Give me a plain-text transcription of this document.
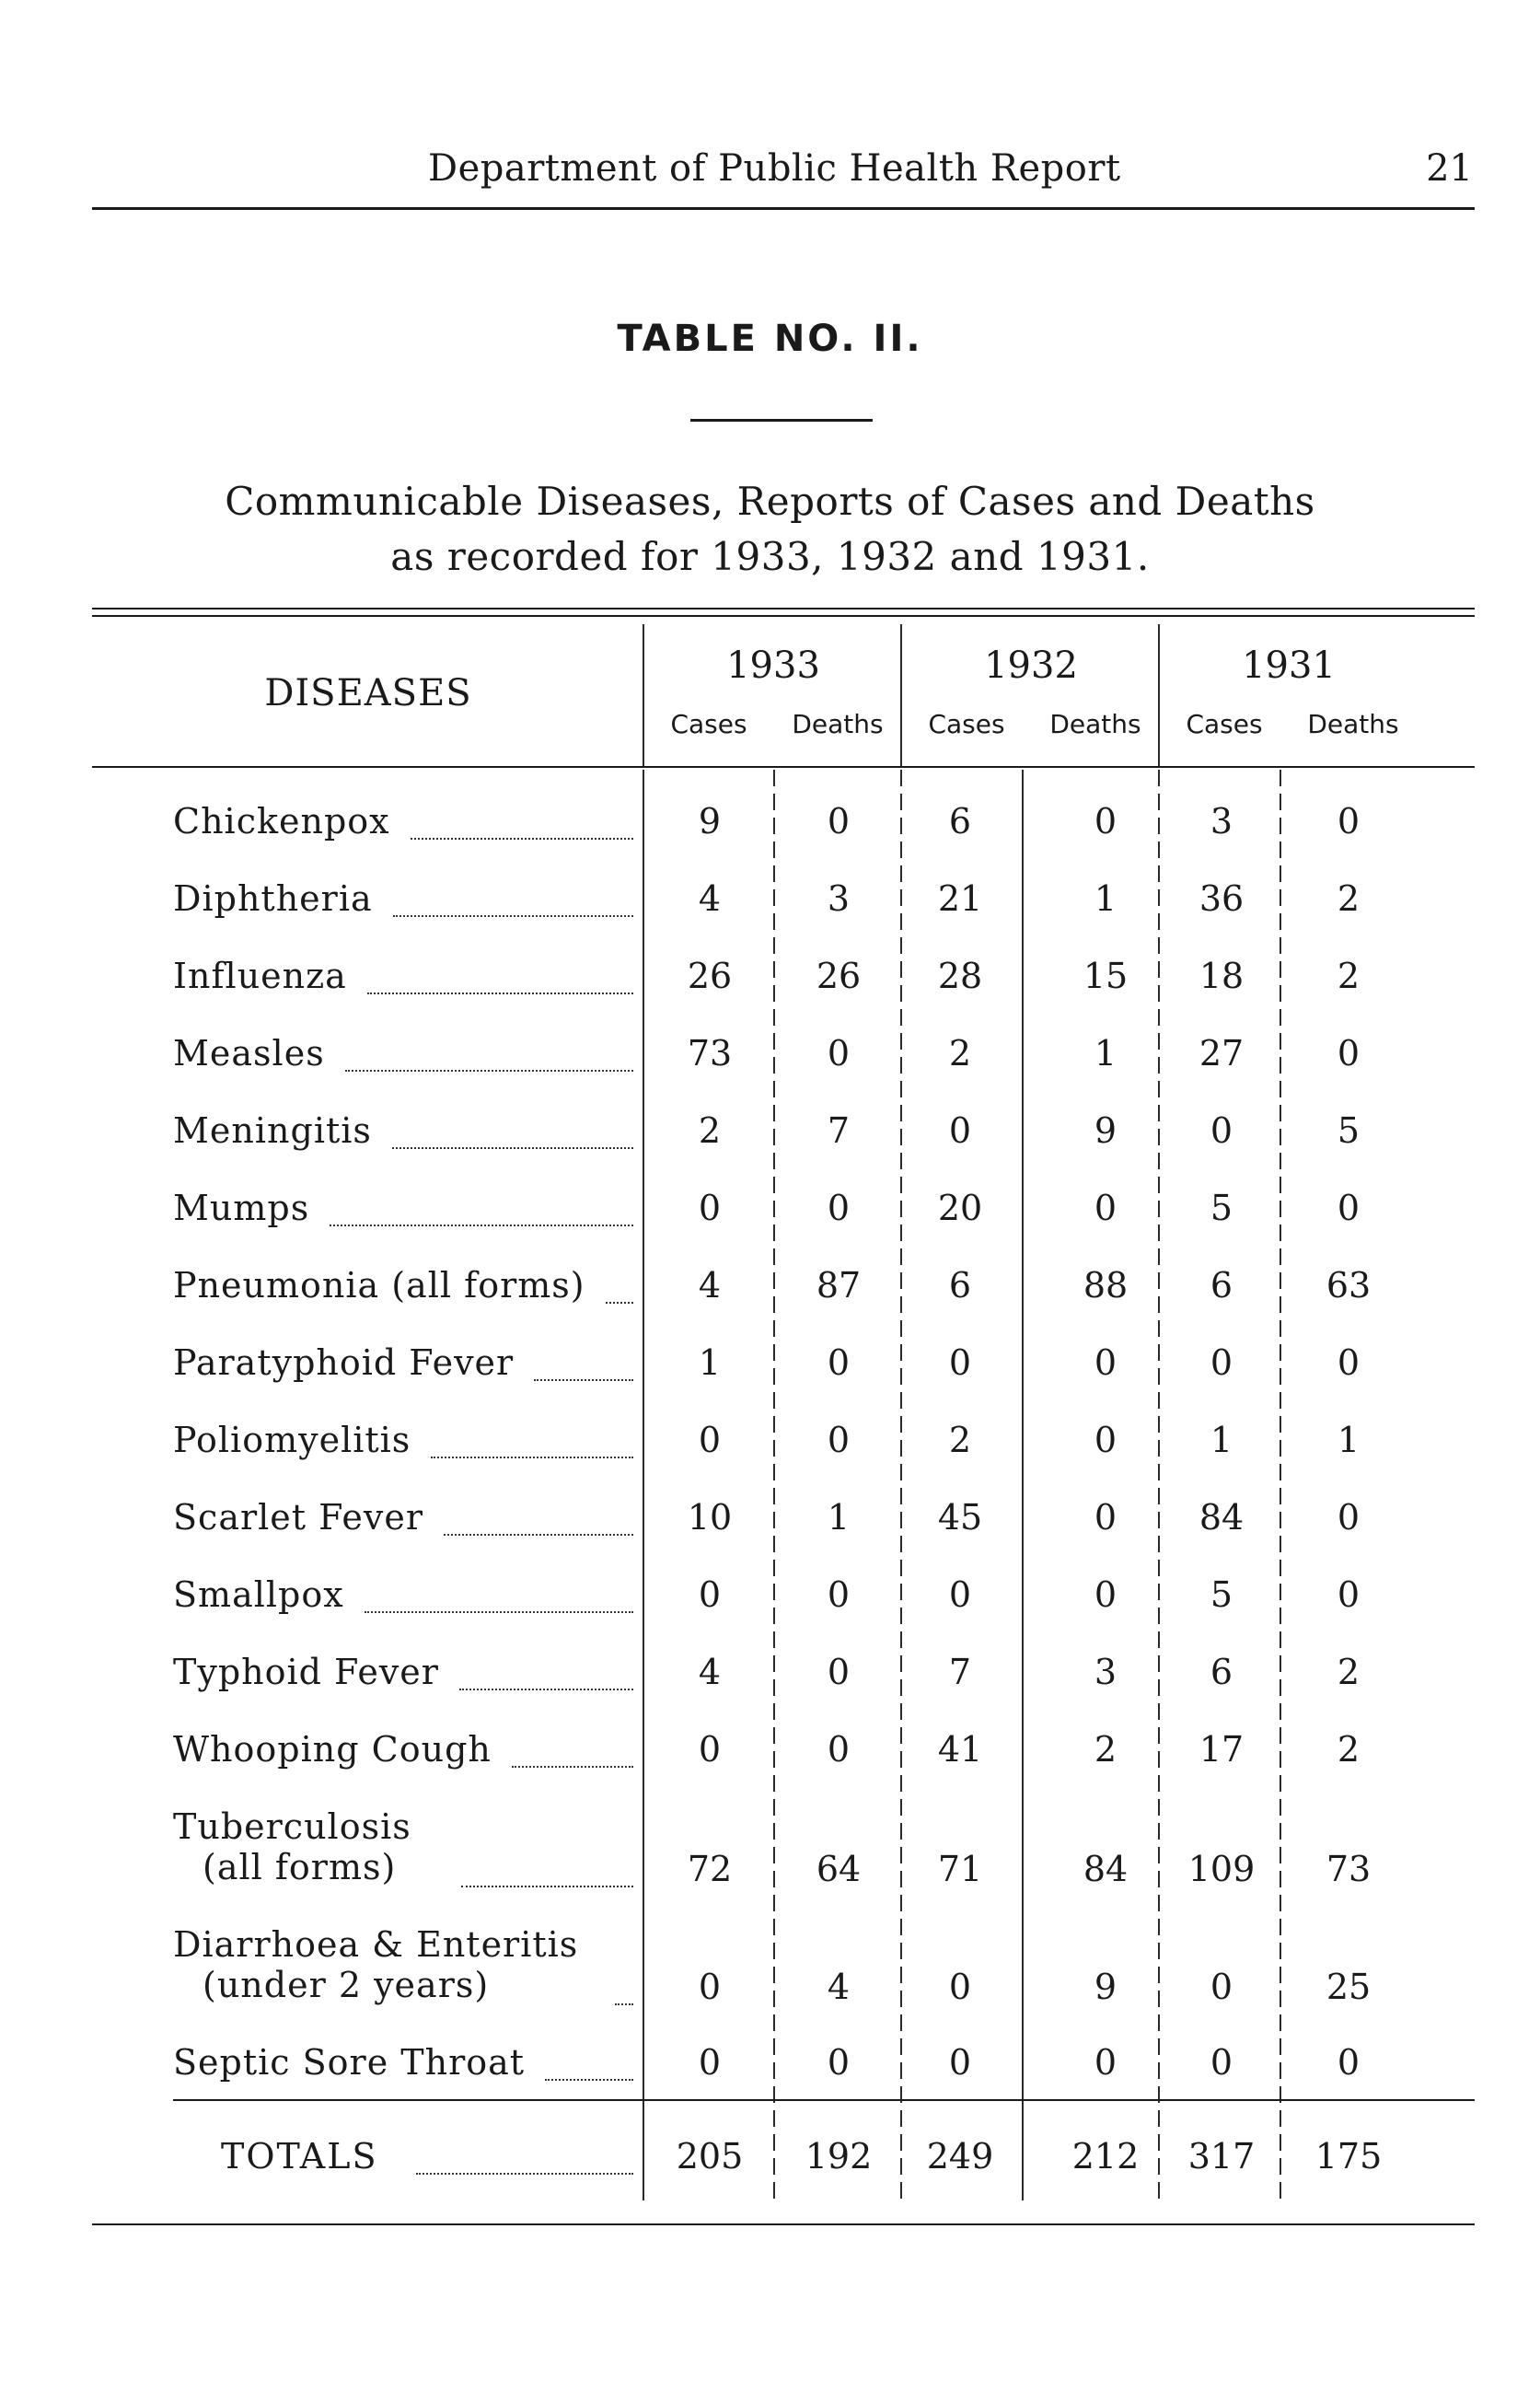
Department of Public Health Report	21
TABLE NO. II.
Communicable Diseases, Reports of Cases and Deaths
as recorded for 1933, 1932 and 1931.
DISEASES
1933	1932	1931
Cases	Deaths	Cases	Deaths	Cases	Deaths
Chickenpox	9	0	6	0	3	0
Diphtheria	4	3	21	1	36	2
Influenza	26	26	28	15	18	2
Measles	73	0	2	1	27	0
Meningitis	2	7	0	9	0	5
Mumps	0	0	20	0	5	0
Pneumonia (all forms)	4	87	6	88	6	63
Paratyphoid Fever	1	0	0	0	0	0
Poliomyelitis	0	0	2	0	1	1
Scarlet Fever	10	1	45	0	84	0
Smallpox	0	0	0	0	5	0
Typhoid Fever	4	0	7	3	6	2
Whooping Cough	0	0	41	2	17	2
Tuberculosis
(all forms)	72	64	71	84	109	73
Diarrhoea & Enteritis
(under 2 years)	0	4	0	9	0	25
Septic Sore Throat	0	0	0	0	0	0
TOTALS	205	192	249	212	317	175
